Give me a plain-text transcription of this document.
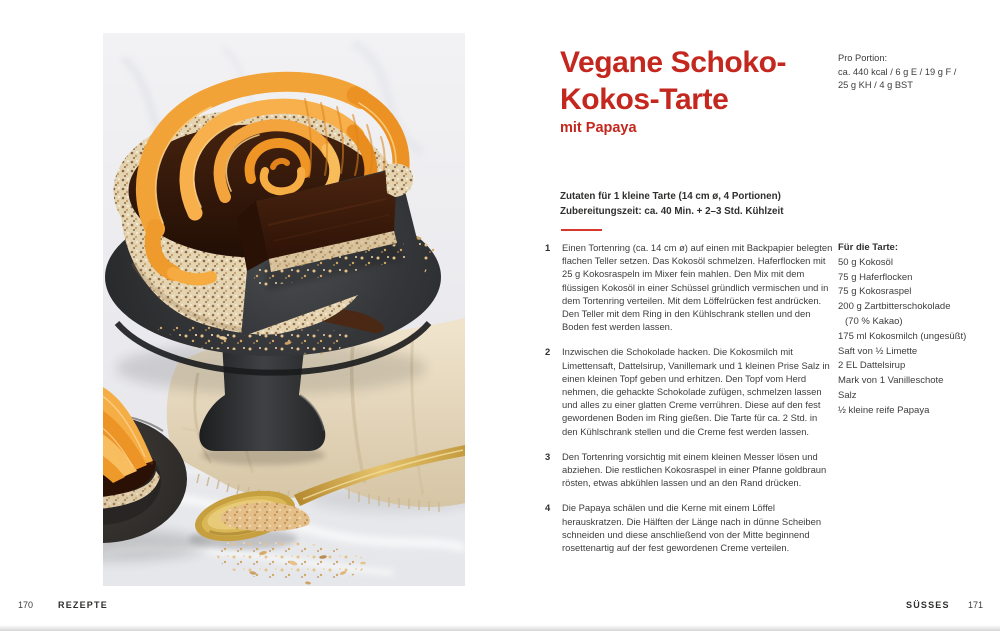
Vegane Schoko-
Kokos-Tarte
mit Papaya
Pro Portion:
ca. 440 kcal / 6 g E / 19 g F /
25 g KH / 4 g BST
Zutaten für 1 kleine Tarte (14 cm ø, 4 Portionen)
Zubereitungszeit: ca. 40 Min. + 2–3 Std. Kühlzeit
1	Einen Tortenring (ca. 14 cm ø) auf einen mit Backpapier belegten flachen Teller setzen. Das Kokosöl schmelzen. Haferflocken mit 25 g Kokosraspeln im Mixer fein mahlen. Den Mix mit dem flüssigen Kokosöl in einer Schüssel gründlich vermischen und in dem Tortenring verteilen. Mit dem Löffelrücken fest andrücken. Den Teller mit dem Ring in den Kühlschrank stellen und den Boden fest werden lassen.
2	Inzwischen die Schokolade hacken. Die Kokosmilch mit Limettensaft, Dattelsirup, Vanillemark und 1 kleinen Prise Salz in einen kleinen Topf geben und erhitzen. Den Topf vom Herd nehmen, die gehackte Schokolade zufügen, schmelzen lassen und alles zu einer glatten Creme verrühren. Diese auf den fest gewordenen Boden im Ring gießen. Die Tarte für ca. 2 Std. in den Kühlschrank stellen und die Creme fest werden lassen.
3	Den Tortenring vorsichtig mit einem kleinen Messer lösen und abziehen. Die restlichen Kokosraspel in einer Pfanne goldbraun rösten, etwas abkühlen lassen und an den Rand drücken.
4	Die Papaya schälen und die Kerne mit einem Löffel herauskratzen. Die Hälften der Länge nach in dünne Scheiben schneiden und diese anschließend von der Mitte beginnend rosettenartig auf der fest gewordenen Creme verteilen.
Für die Tarte:
50 g Kokosöl
75 g Haferflocken
75 g Kokosraspel
200 g Zartbitterschokolade
(70 % Kakao)
175 ml Kokosmilch (ungesüßt)
Saft von ½ Limette
2 EL Dattelsirup
Mark von 1 Vanilleschote
Salz
½ kleine reife Papaya
170	REZEPTE	SÜSSES 171
